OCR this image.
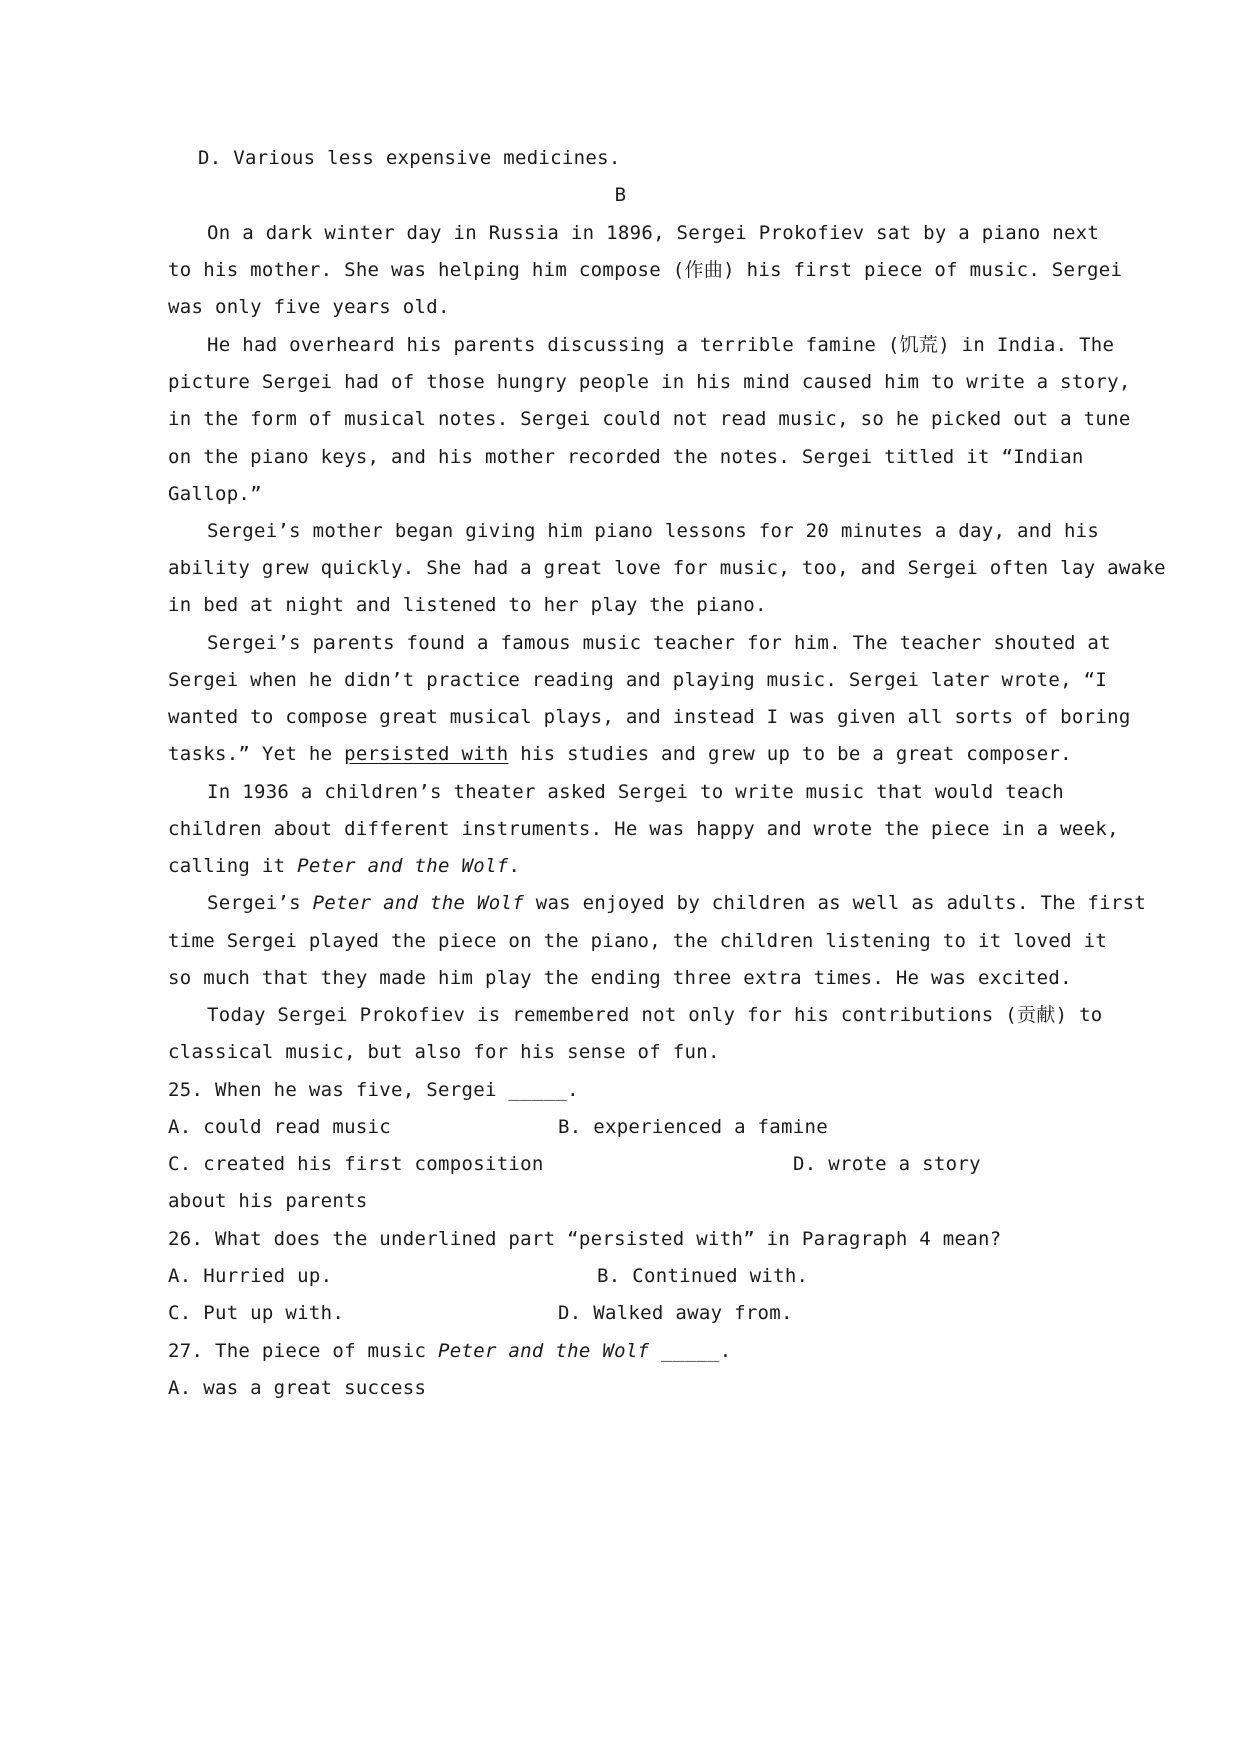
D. Various less expensive medicines.
B
On a dark winter day in Russia in 1896, Sergei Prokofiev sat by a piano next
to his mother. She was helping him compose (作曲) his first piece of music. Sergei
was only five years old.
He had overheard his parents discussing a terrible famine (饥荒) in India. The
picture Sergei had of those hungry people in his mind caused him to write a story,
in the form of musical notes. Sergei could not read music, so he picked out a tune
on the piano keys, and his mother recorded the notes. Sergei titled it “Indian
Gallop.”
Sergei’s mother began giving him piano lessons for 20 minutes a day, and his
ability grew quickly. She had a great love for music, too, and Sergei often lay awake
in bed at night and listened to her play the piano.
Sergei’s parents found a famous music teacher for him. The teacher shouted at
Sergei when he didn’t practice reading and playing music. Sergei later wrote, “I
wanted to compose great musical plays, and instead I was given all sorts of boring
tasks.” Yet he persisted with his studies and grew up to be a great composer.
In 1936 a children’s theater asked Sergei to write music that would teach
children about different instruments. He was happy and wrote the piece in a week,
calling it Peter and the Wolf.
Sergei’s Peter and the Wolf was enjoyed by children as well as adults. The first
time Sergei played the piece on the piano, the children listening to it loved it
so much that they made him play the ending three extra times. He was excited.
Today Sergei Prokofiev is remembered not only for his contributions (贡献) to
classical music, but also for his sense of fun.
25. When he was five, Sergei _____.
A. could read music	B. experienced a famine
C. created his first composition	D. wrote a story
about his parents
26. What does the underlined part “persisted with” in Paragraph 4 mean?
A. Hurried up.	B. Continued with.
C. Put up with.	D. Walked away from.
27. The piece of music Peter and the Wolf _____.
A. was a great success
